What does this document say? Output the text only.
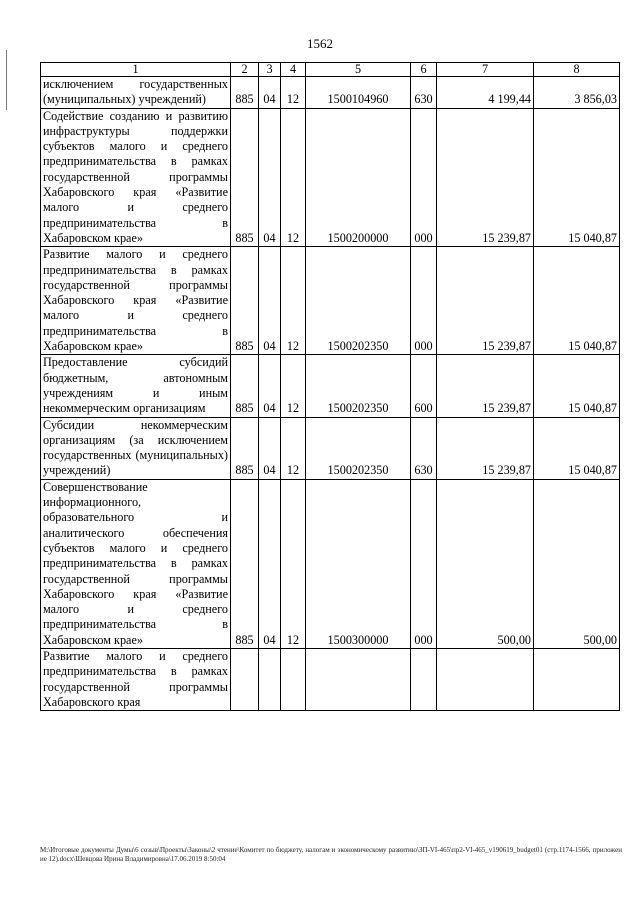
1562
1	2	3	4	5	6	7	8
исключением государственных (муниципальных) учреждений)	885	04	12	1500104960	630	4 199,44	3 856,03
Содействие созданию и развитию инфраструктуры поддержки субъектов малого и среднего предпринимательства в рамках государственной программы Хабаровского края «Развитие малого и среднего предпринимательства в Хабаровском крае»	885	04	12	1500200000	000	15 239,87	15 040,87
Развитие малого и среднего предпринимательства в рамках государственной программы Хабаровского края «Развитие малого и среднего предпринимательства в Хабаровском крае»	885	04	12	1500202350	000	15 239,87	15 040,87
Предоставление субсидий бюджетным, автономным учреждениям и иным некоммерческим организациям	885	04	12	1500202350	600	15 239,87	15 040,87
Субсидии некоммерческим организациям (за исключением государственных (муниципальных) учреждений)	885	04	12	1500202350	630	15 239,87	15 040,87
Совершенствование информационного, образовательного и аналитического обеспечения субъектов малого и среднего предпринимательства в рамках государственной программы Хабаровского края «Развитие малого и среднего предпринимательства в Хабаровском крае»	885	04	12	1500300000	000	500,00	500,00
Развитие малого и среднего предпринимательства в рамках государственной программы Хабаровского края							
M:\Итоговые документы Думы\6 созыв\Проекты\Законы\2 чтение\Комитет по бюджету, налогам и экономическому развитию\ЗП-VI-465\пр2-VI-465_v190619_budget01 (стр.1174-1566, приложение 12).docx\Шевцова Ирина Владимировна\17.06.2019 8:50:04
